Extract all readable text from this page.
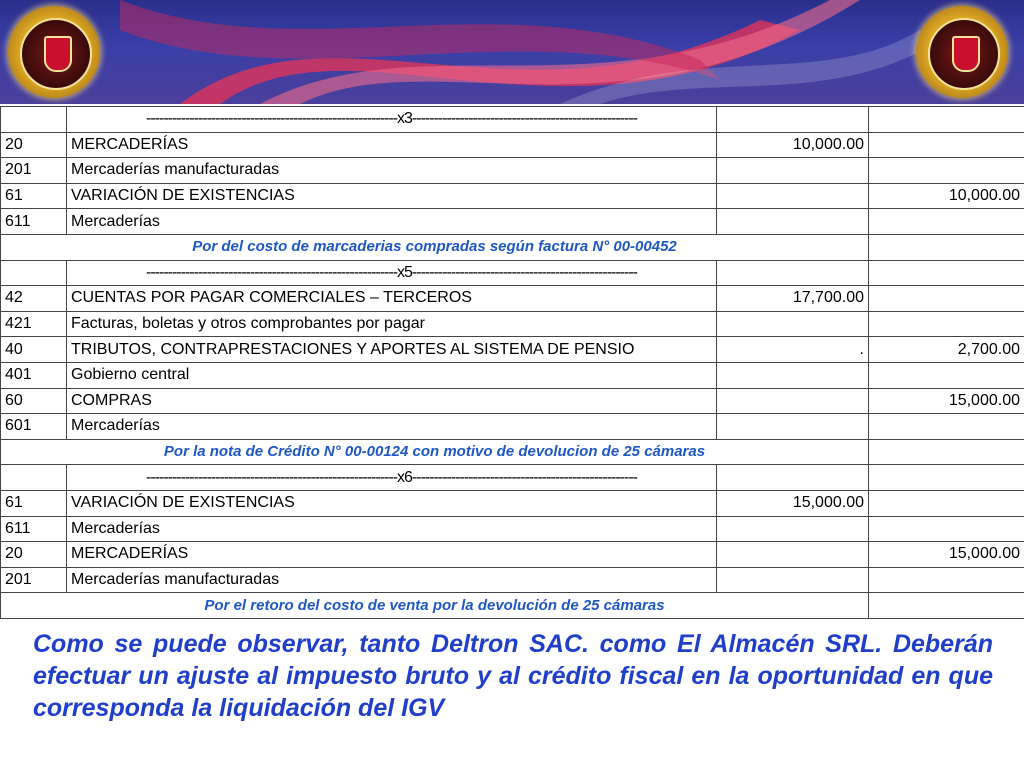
	----------------------------------------------------------x3----------------------------------------------------		
20	MERCADERÍAS	10,000.00	
201	Mercaderías manufacturadas		
61	VARIACIÓN DE EXISTENCIAS		10,000.00
611	Mercaderías		
Por del costo de marcaderias compradas según factura N° 00-00452			
	----------------------------------------------------------x5----------------------------------------------------		
42	CUENTAS POR PAGAR COMERCIALES – TERCEROS	17,700.00	
421	Facturas, boletas y otros comprobantes por pagar		
40	TRIBUTOS, CONTRAPRESTACIONES Y APORTES AL SISTEMA DE PENSIO	.	2,700.00
401	Gobierno central		
60	COMPRAS		15,000.00
601	Mercaderías		
Por la nota de Crédito N° 00-00124 con motivo de devolucion de 25 cámaras			
	----------------------------------------------------------x6----------------------------------------------------		
61	VARIACIÓN DE EXISTENCIAS	15,000.00	
611	Mercaderías		
20	MERCADERÍAS		15,000.00
201	Mercaderías manufacturadas		
Por el retoro del costo de venta por la devolución de 25 cámaras			

Como se puede observar, tanto Deltron SAC. como El Almacén SRL. Deberán efectuar un ajuste al impuesto bruto y al crédito fiscal en la oportunidad en que corresponda la liquidación del IGV
